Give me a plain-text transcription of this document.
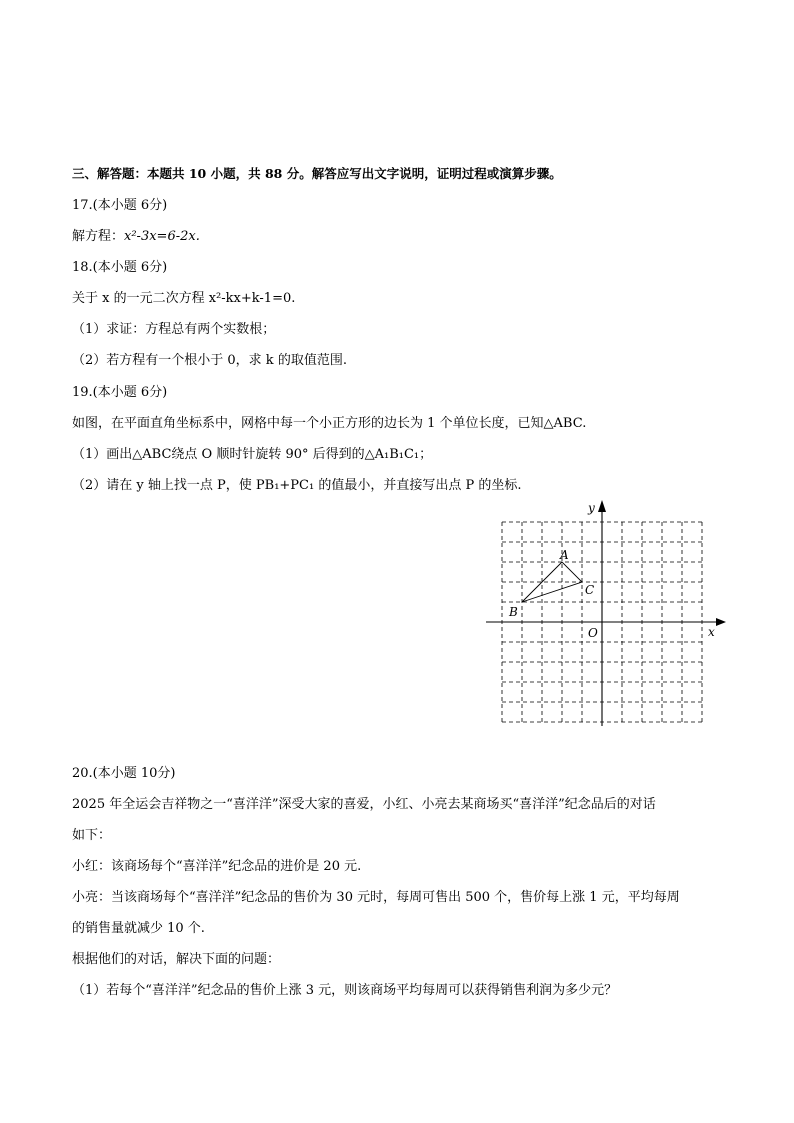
三、解答题：本题共 10 小题，共 88 分。解答应写出文字说明，证明过程或演算步骤。
17.(本小题 6分)
解方程：x²-3x=6-2x.
18.(本小题 6分)
关于 x 的一元二次方程 x²-kx+k-1=0.
（1）求证：方程总有两个实数根；
（2）若方程有一个根小于 0，求 k 的取值范围.
19.(本小题 6分)
如图，在平面直角坐标系中，网格中每一个小正方形的边长为 1 个单位长度，已知△ABC.
（1）画出△ABC绕点 O 顺时针旋转 90° 后得到的△A₁B₁C₁；
（2）请在 y 轴上找一点 P，使 PB₁+PC₁ 的值最小，并直接写出点 P 的坐标.
A
B
C
O	x
y
20.(本小题 10分)
2025 年全运会吉祥物之一“喜洋洋”深受大家的喜爱，小红、小亮去某商场买“喜洋洋”纪念品后的对话
如下：
小红：该商场每个“喜洋洋”纪念品的进价是 20 元.
小亮：当该商场每个“喜洋洋”纪念品的售价为 30 元时，每周可售出 500 个，售价每上涨 1 元，平均每周
的销售量就减少 10 个.
根据他们的对话，解决下面的问题：
（1）若每个“喜洋洋”纪念品的售价上涨 3 元，则该商场平均每周可以获得销售利润为多少元？
